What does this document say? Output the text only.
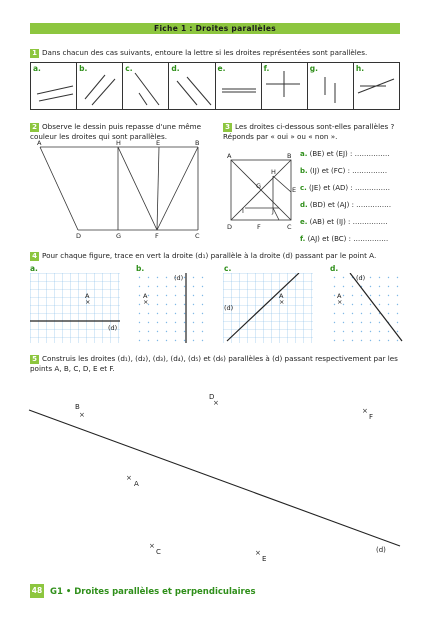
Fiche 1 : Droites parallèles
1 Dans chacun des cas suivants, entoure la lettre si les droites représentées sont parallèles.
a.	b.	c.	d.	e.	f.	g.	h.
2 Observe le dessin puis repasse d'une même
couleur les droites qui sont parallèles.
A	H	E	B
D	G	F	C
3 Les droites ci-dessous sont-elles parallèles ?
Réponds par « oui » ou « non ».
A	B
H
G	E
I	J
D	F	C
a. (BE) et (EJ) : ……………
b. (IJ) et (FC) : ……………
c. (JE) et (AD) : ……………
d. (BD) et (AJ) : ……………
e. (AB) et (IJ) : ……………
f. (AJ) et (BC) : ……………
4 Pour chaque figure, trace en vert la droite (d₁) parallèle à la droite (d) passant par le point A.
a.	b.	c.	d.
(d)
A
×
(d)
A
×
(d)
A
×
(d)
A
×
5 Construis les droites (d₁), (d₂), (d₃), (d₄), (d₅) et (d₆) parallèles à (d) passant respectivement par les
points A, B, C, D, E et F.
(d)
×
A
×
B
×
C
×
D
×
E
×
F
48 G1 • Droites parallèles et perpendiculaires
